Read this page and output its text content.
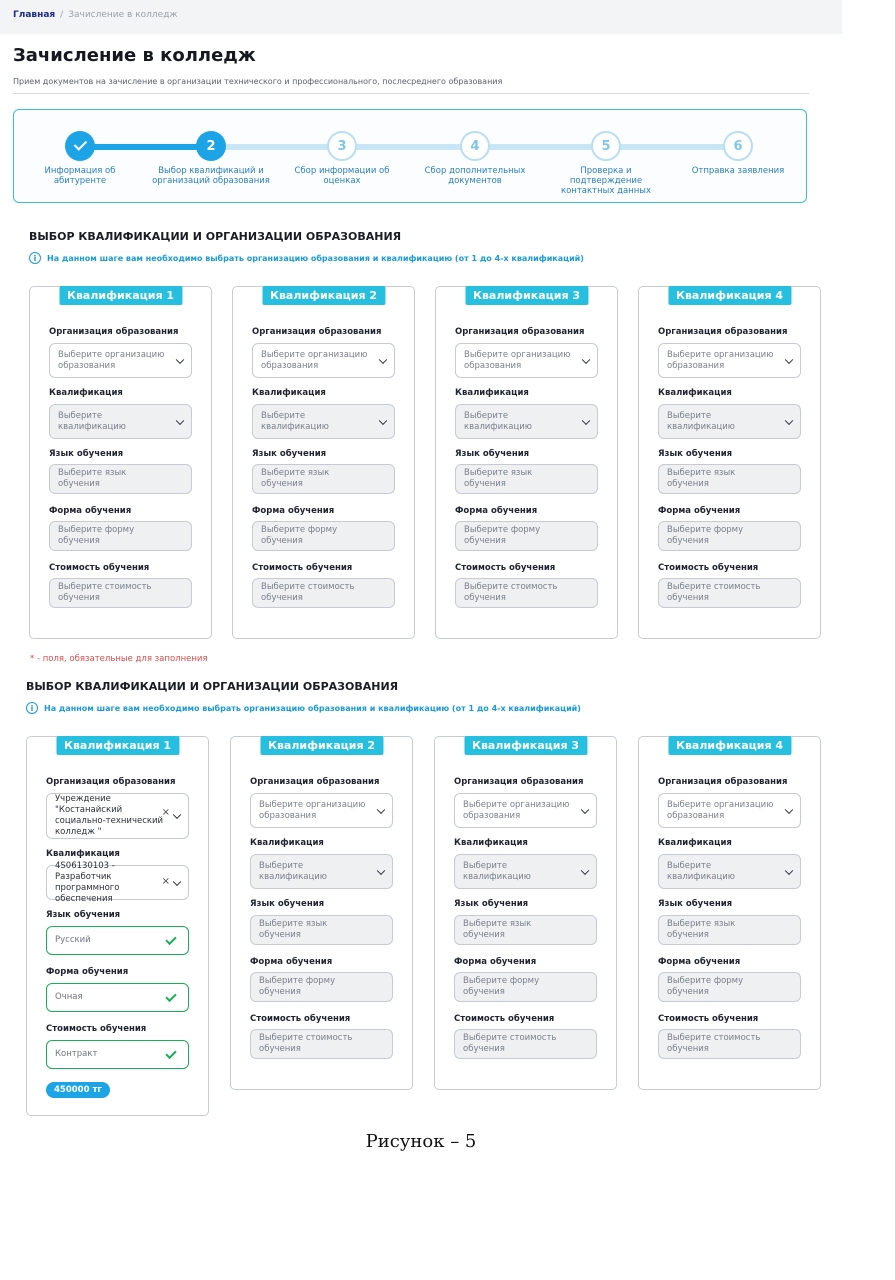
Главная / Зачисление в колледж
Зачисление в колледж
Прием документов на зачисление в организации технического и профессионального, послесреднего образования
Информация об абитуренте
2
Выбор квалификаций и организаций образования
3
Сбор информации об оценках
4
Сбор дополнительных документов
5
Проверка и подтверждение контактных данных
6
Отправка заявления
ВЫБОР КВАЛИФИКАЦИИ И ОРГАНИЗАЦИИ ОБРАЗОВАНИЯ
i	На данном шаге вам необходимо выбрать организацию образования и квалификацию (от 1 до 4-х квалификаций)
Квалификация 1
Организация образования
Выберите организацию образования
Квалификация
Выберите квалификацию
Язык обучения
Выберите язык обучения
Форма обучения
Выберите форму обучения
Стоимость обучения
Выберите стоимость обучения
Квалификация 2
Организация образования
Выберите организацию образования
Квалификация
Выберите квалификацию
Язык обучения
Выберите язык обучения
Форма обучения
Выберите форму обучения
Стоимость обучения
Выберите стоимость обучения
Квалификация 3
Организация образования
Выберите организацию образования
Квалификация
Выберите квалификацию
Язык обучения
Выберите язык обучения
Форма обучения
Выберите форму обучения
Стоимость обучения
Выберите стоимость обучения
Квалификация 4
Организация образования
Выберите организацию образования
Квалификация
Выберите квалификацию
Язык обучения
Выберите язык обучения
Форма обучения
Выберите форму обучения
Стоимость обучения
Выберите стоимость обучения
* - поля, обязательные для заполнения
ВЫБОР КВАЛИФИКАЦИИ И ОРГАНИЗАЦИИ ОБРАЗОВАНИЯ
i	На данном шаге вам необходимо выбрать организацию образования и квалификацию (от 1 до 4-х квалификаций)
Квалификация 1
Организация образования
Учреждение "Костанайский социально-технический колледж "
×
Квалификация
4S06130103 - Разработчик программного обеспечения
×
Язык обучения
Русский
Форма обучения
Очная
Стоимость обучения
Контракт
450000 тг
Квалификация 2
Организация образования
Выберите организацию образования
Квалификация
Выберите квалификацию
Язык обучения
Выберите язык обучения
Форма обучения
Выберите форму обучения
Стоимость обучения
Выберите стоимость обучения
Квалификация 3
Организация образования
Выберите организацию образования
Квалификация
Выберите квалификацию
Язык обучения
Выберите язык обучения
Форма обучения
Выберите форму обучения
Стоимость обучения
Выберите стоимость обучения
Квалификация 4
Организация образования
Выберите организацию образования
Квалификация
Выберите квалификацию
Язык обучения
Выберите язык обучения
Форма обучения
Выберите форму обучения
Стоимость обучения
Выберите стоимость обучения
Рисунок – 5
